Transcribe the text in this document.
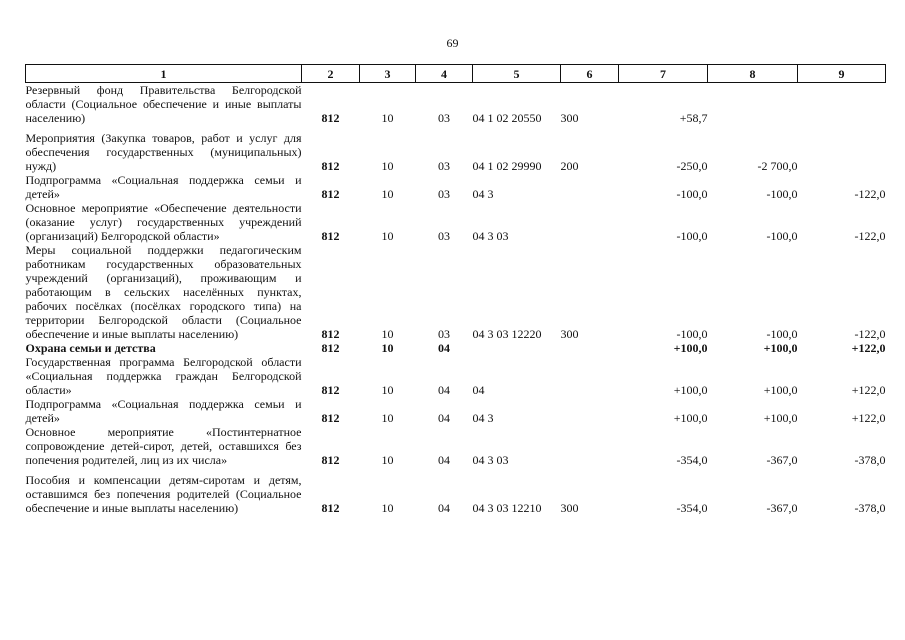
69
1	2	3	4	5	6	7	8	9
Резервный фонд Правительства Белгородской области (Социальное обеспечение и иные выплаты населению)	812	10	03	04 1 02 20550	300	+58,7		
Мероприятия (Закупка товаров, работ и услуг для обеспечения государственных (муниципальных) нужд)	812	10	03	04 1 02 29990	200	-250,0	-2 700,0	
Подпрограмма «Социальная поддержка семьи и детей»	812	10	03	04 3		-100,0	-100,0	-122,0
Основное мероприятие «Обеспечение деятельности (оказание услуг) государственных учреждений (организаций) Белгородской области»	812	10	03	04 3 03		-100,0	-100,0	-122,0
Меры социальной поддержки педагогическим работникам государственных образовательных учреждений (организаций), проживающим и работающим в сельских населённых пунктах, рабочих посёлках (посёлках городского типа) на территории Белгородской области (Социальное обеспечение и иные выплаты населению)	812	10	03	04 3 03 12220	300	-100,0	-100,0	-122,0
Охрана семьи и детства	812	10	04			+100,0	+100,0	+122,0
Государственная программа Белгородской области «Социальная поддержка граждан Белгородской области»	812	10	04	04		+100,0	+100,0	+122,0
Подпрограмма «Социальная поддержка семьи и детей»	812	10	04	04 3		+100,0	+100,0	+122,0
Основное мероприятие «Постинтернатное сопровождение детей-сирот, детей, оставшихся без попечения родителей, лиц из их числа»	812	10	04	04 3 03		-354,0	-367,0	-378,0
Пособия и компенсации детям-сиротам и детям, оставшимся без попечения родителей (Социальное обеспечение и иные выплаты населению)	812	10	04	04 3 03 12210	300	-354,0	-367,0	-378,0
